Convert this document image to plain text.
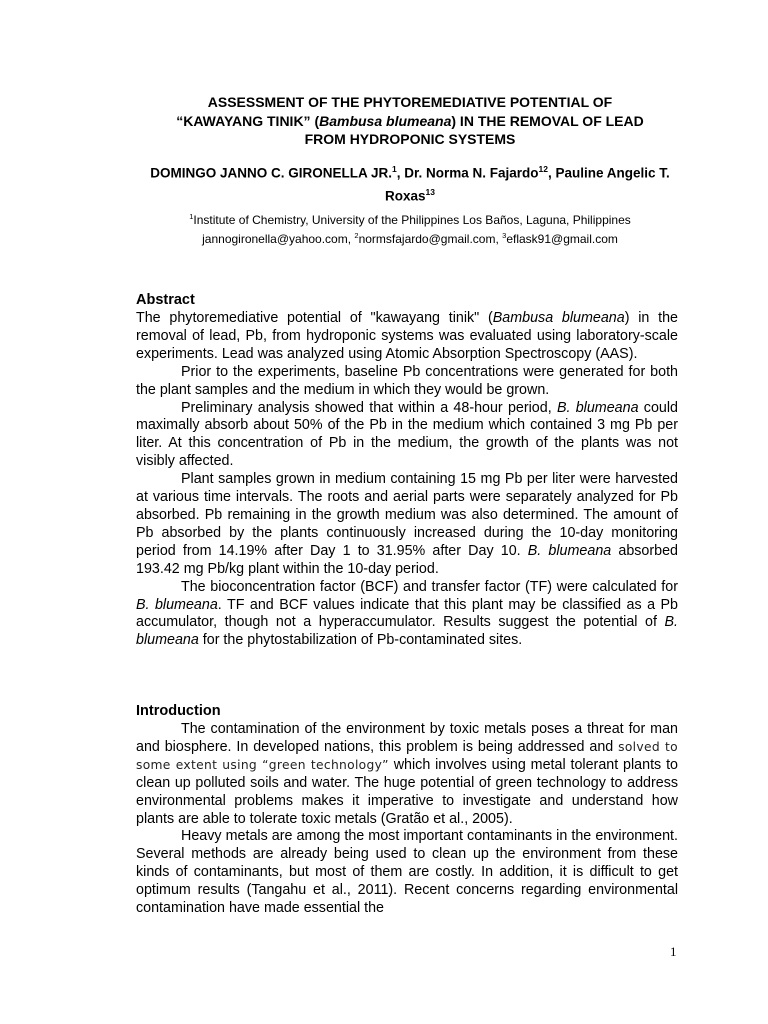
ASSESSMENT OF THE PHYTOREMEDIATIVE POTENTIAL OF
“KAWAYANG TINIK” (Bambusa blumeana) IN THE REMOVAL OF LEAD
FROM HYDROPONIC SYSTEMS
DOMINGO JANNO C. GIRONELLA JR.$^1$, Dr. Norma N. Fajardo$^{12}$, Pauline Angelic T. Roxas$^{13}$
$^1$Institute of Chemistry, University of the Philippines Los Baños, Laguna, Philippines
jannogironella@yahoo.com, $^2$normsfajardo@gmail.com, $^3$eflask91@gmail.com
Abstract

The phytoremediative potential of "kawayang tinik" (Bambusa blumeana) in the removal of lead, Pb, from hydroponic systems was evaluated using laboratory-scale experiments. Lead was analyzed using Atomic Absorption Spectroscopy (AAS).

Prior to the experiments, baseline Pb concentrations were generated for both the plant samples and the medium in which they would be grown.

Preliminary analysis showed that within a 48-hour period, B. blumeana could maximally absorb about 50% of the Pb in the medium which contained 3 mg Pb per liter. At this concentration of Pb in the medium, the growth of the plants was not visibly affected.

Plant samples grown in medium containing 15 mg Pb per liter were harvested at various time intervals. The roots and aerial parts were separately analyzed for Pb absorbed. Pb remaining in the growth medium was also determined. The amount of Pb absorbed by the plants continuously increased during the 10-day monitoring period from 14.19% after Day 1 to 31.95% after Day 10. B. blumeana absorbed 193.42 mg Pb/kg plant within the 10-day period.

The bioconcentration factor (BCF) and transfer factor (TF) were calculated for B. blumeana. TF and BCF values indicate that this plant may be classified as a Pb accumulator, though not a hyperaccumulator. Results suggest the potential of B. blumeana for the phytostabilization of Pb-contaminated sites.

Introduction

The contamination of the environment by toxic metals poses a threat for man and biosphere. In developed nations, this problem is being addressed and solved to some extent using “green technology” which involves using metal tolerant plants to clean up polluted soils and water. The huge potential of green technology to address environmental problems makes it imperative to investigate and understand how plants are able to tolerate toxic metals (Gratão et al., 2005).

Heavy metals are among the most important contaminants in the environment. Several methods are already being used to clean up the environment from these kinds of contaminants, but most of them are costly. In addition, it is difficult to get optimum results (Tangahu et al., 2011). Recent concerns regarding environmental contamination have made essential the

1
